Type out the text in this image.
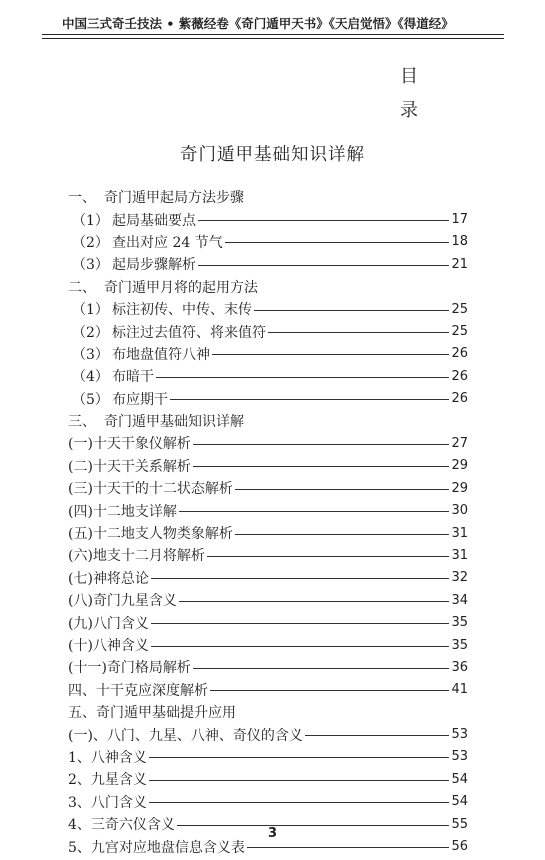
中国三式奇壬技法 • 紫薇经卷《奇门遁甲天书》《天启觉悟》《得道经》
目
录
奇门遁甲基础知识详解
一、 奇门遁甲起局方法步骤
（1） 起局基础要点	17
（2） 查出对应 24 节气	18
（3） 起局步骤解析	21
二、 奇门遁甲月将的起用方法
（1） 标注初传、中传、末传	25
（2） 标注过去值符、将来值符	25
（3） 布地盘值符八神	26
（4） 布暗干	26
（5） 布应期干	26
三、 奇门遁甲基础知识详解
(一) 十天干象仪解析	27
(二) 十天干关系解析	29
(三) 十天干的十二状态解析	29
(四) 十二地支详解	30
(五) 十二地支人物类象解析	31
(六) 地支十二月将解析	31
(七) 神将总论	32
(八) 奇门九星含义	34
(九) 八门含义	35
(十) 八神含义	35
(十一) 奇门格局解析	36
四、 十干克应深度解析	41
五、 奇门遁甲基础提升应用
(一)、 八门、九星、八神、奇仪的含义	53
1、 八神含义	53
2、 九星含义	54
3、 八门含义	54
4、 三奇六仪含义	55
5、 九宫对应地盘信息含义表	56
3
